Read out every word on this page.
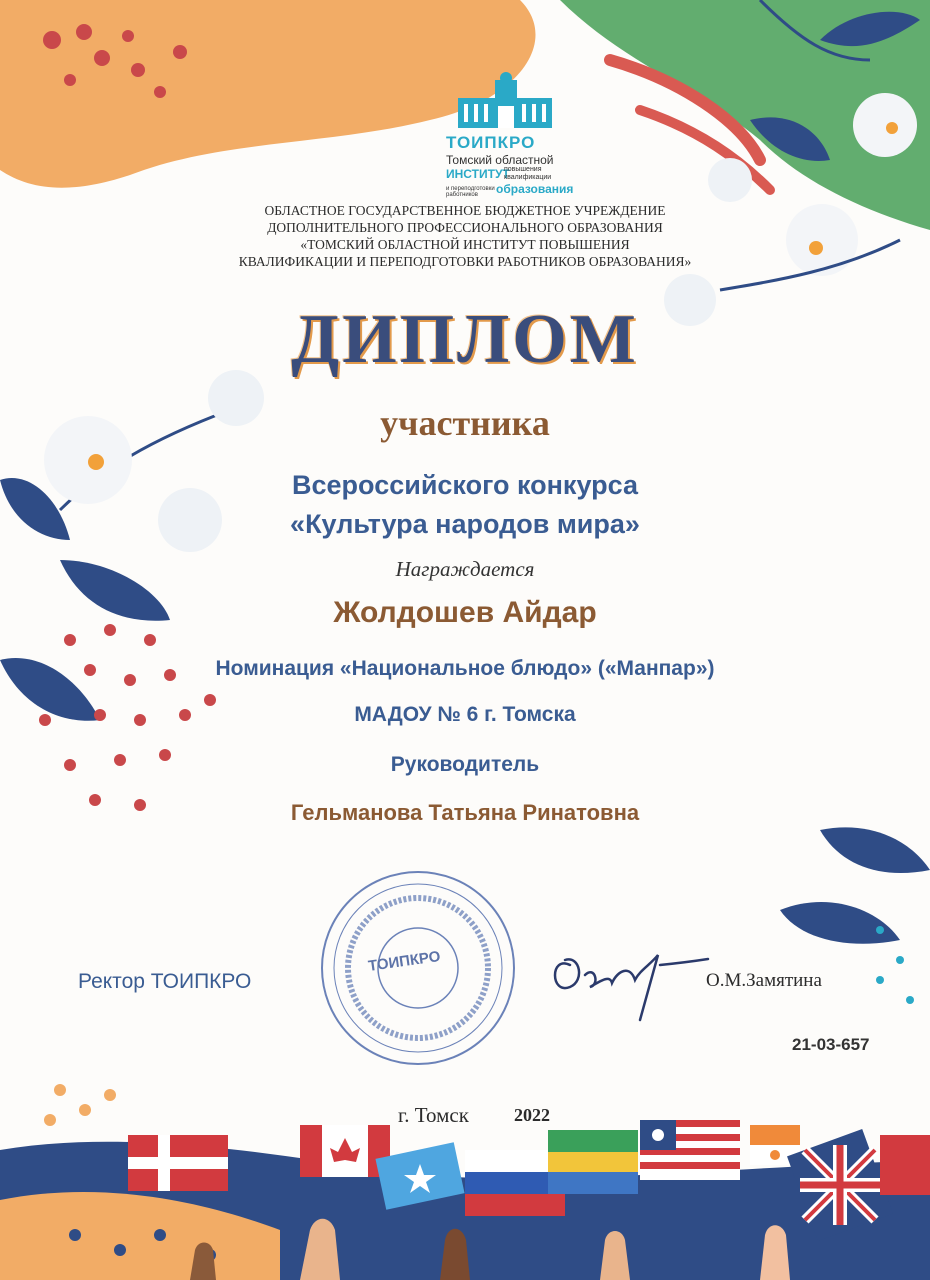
ТОИПКРО
Томский областной
ИНСТИТУТ
повышения
квалификации
и переподготовки
работников	образования
ОБЛАСТНОЕ ГОСУДАРСТВЕННОЕ БЮДЖЕТНОЕ УЧРЕЖДЕНИЕ
ДОПОЛНИТЕЛЬНОГО ПРОФЕССИОНАЛЬНОГО ОБРАЗОВАНИЯ
«ТОМСКИЙ ОБЛАСТНОЙ ИНСТИТУТ ПОВЫШЕНИЯ
КВАЛИФИКАЦИИ И ПЕРЕПОДГОТОВКИ РАБОТНИКОВ ОБРАЗОВАНИЯ»
ДИПЛОМ
участника
Всероссийского конкурса
«Культура народов мира»
Награждается
Жолдошев Айдар
Номинация «Национальное блюдо» («Манпар»)
МАДОУ № 6 г. Томска
Руководитель
Гельманова Татьяна Ринатовна
ТОИПКРО
Ректор ТОИПКРО	О.М.Замятина
21-03-657
г. Томск	2022
